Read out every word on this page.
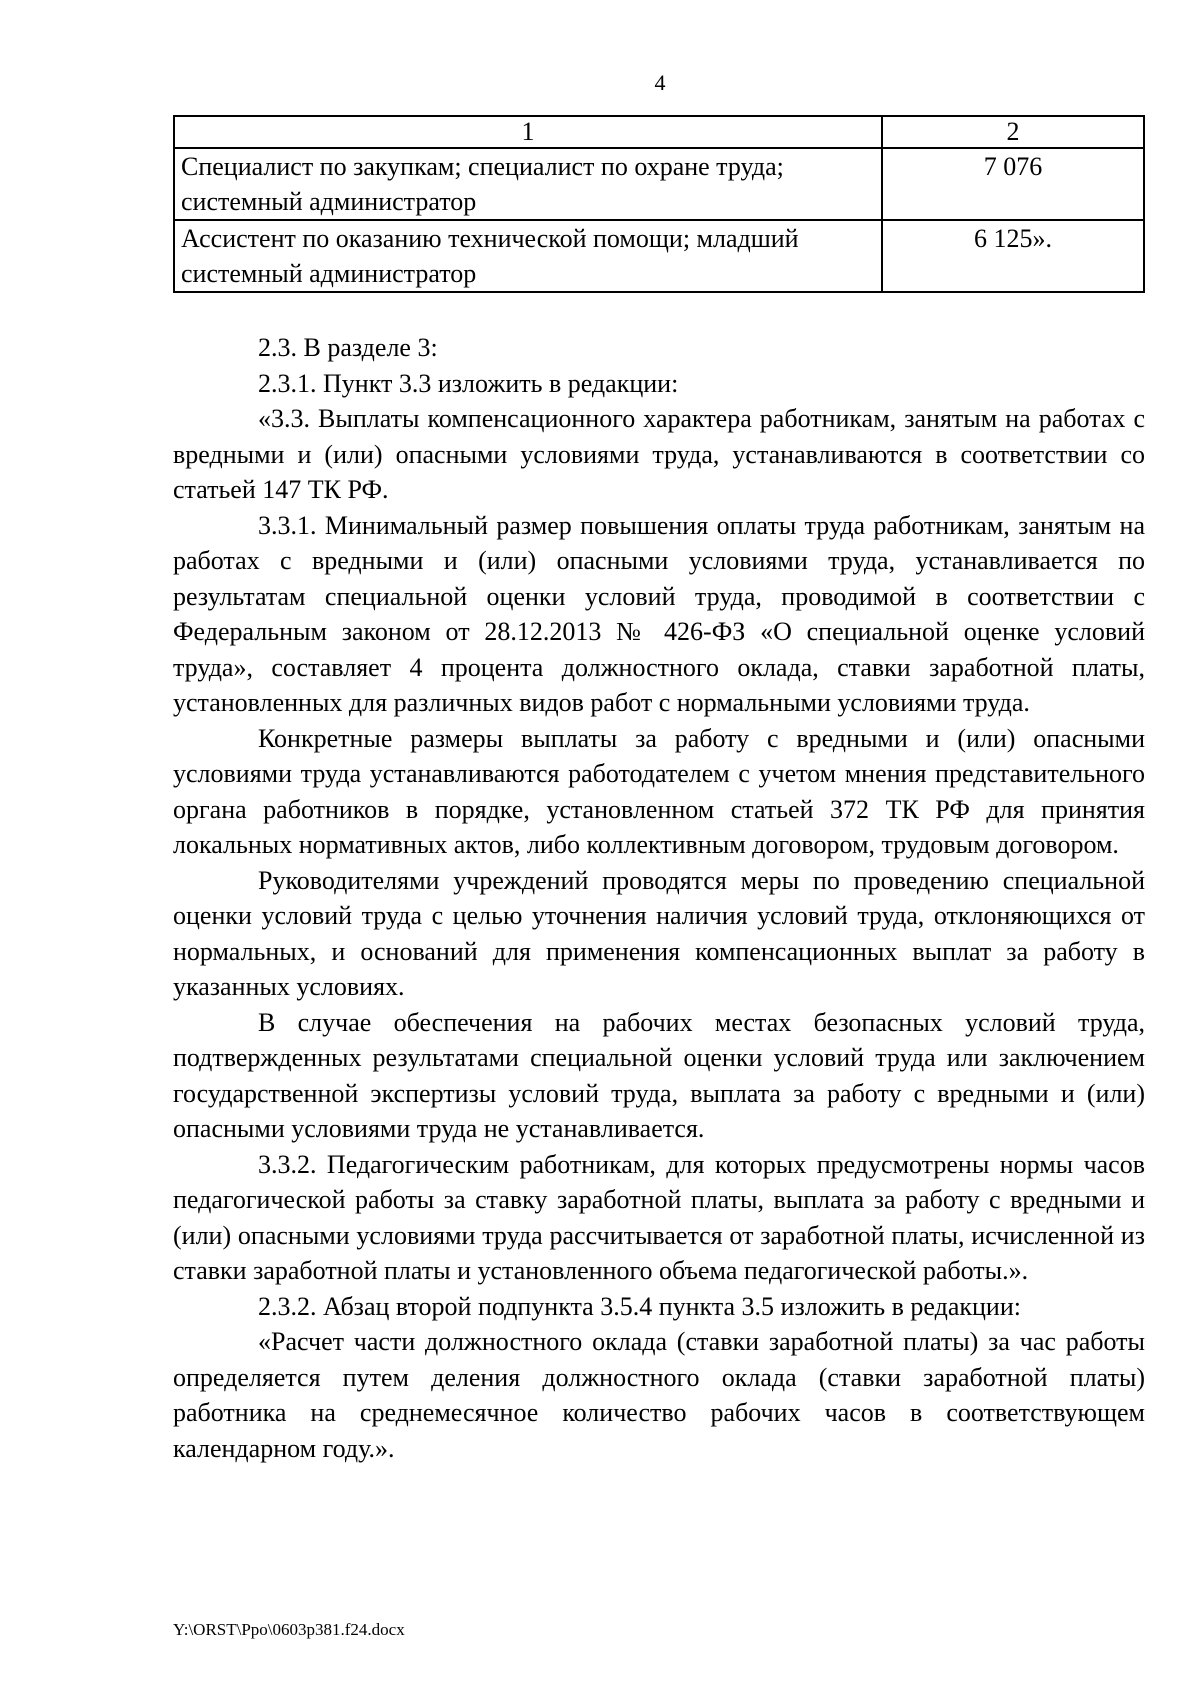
4
1	2
Специалист по закупкам; специалист по охране труда; системный администратор	7 076
Ассистент по оказанию технической помощи; младший системный администратор	6 125».

2.3. В разделе 3:

2.3.1. Пункт 3.3 изложить в редакции:

«3.3. Выплаты компенсационного характера работникам, занятым на работах с вредными и (или) опасными условиями труда, устанавливаются в соответствии со статьей 147 ТК РФ.

3.3.1. Минимальный размер повышения оплаты труда работникам, занятым на работах с вредными и (или) опасными условиями труда, устанавливается по результатам специальной оценки условий труда, проводимой в соответствии с Федеральным законом от 28.12.2013 № 426-ФЗ «О специальной оценке условий труда», составляет 4 процента должностного оклада, ставки заработной платы, установленных для различных видов работ с нормальными условиями труда.

Конкретные размеры выплаты за работу с вредными и (или) опасными условиями труда устанавливаются работодателем с учетом мнения представительного органа работников в порядке, установленном статьей 372 ТК РФ для принятия локальных нормативных актов, либо коллективным договором, трудовым договором.

Руководителями учреждений проводятся меры по проведению специальной оценки условий труда с целью уточнения наличия условий труда, отклоняющихся от нормальных, и оснований для применения компенсационных выплат за работу в указанных условиях.

В случае обеспечения на рабочих местах безопасных условий труда, подтвержденных результатами специальной оценки условий труда или заключением государственной экспертизы условий труда, выплата за работу с вредными и (или) опасными условиями труда не устанавливается.

3.3.2. Педагогическим работникам, для которых предусмотрены нормы часов педагогической работы за ставку заработной платы, выплата за работу с вредными и (или) опасными условиями труда рассчитывается от заработной платы, исчисленной из ставки заработной платы и установленного объема педагогической работы.».

2.3.2. Абзац второй подпункта 3.5.4 пункта 3.5 изложить в редакции:

«Расчет части должностного оклада (ставки заработной платы) за час работы определяется путем деления должностного оклада (ставки заработной платы) работника на среднемесячное количество рабочих часов в соответствующем календарном году.».

Y:\ORST\Ppo\0603p381.f24.docx
